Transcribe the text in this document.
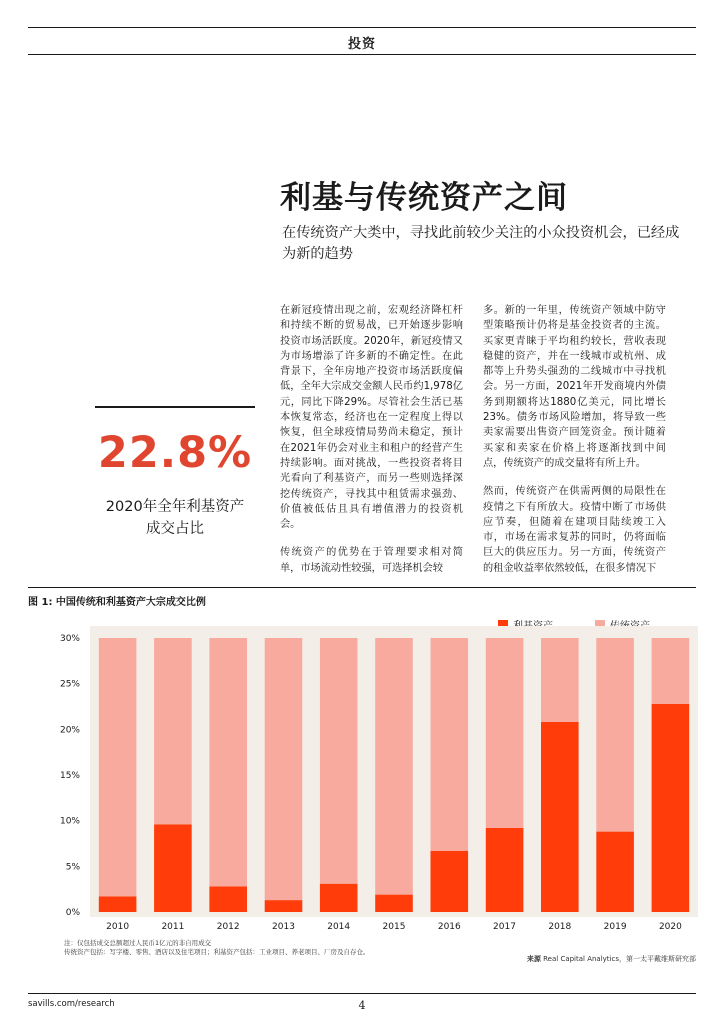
投资
利基与传统资产之间
在传统资产大类中，寻找此前较少关注的小众投资机会，已经成为新的趋势

在新冠疫情出现之前，宏观经济降杠杆和持续不断的贸易战，已开始逐步影响投资市场活跃度。2020年，新冠疫情又为市场增添了许多新的不确定性。在此背景下，全年房地产投资市场活跃度偏低，全年大宗成交金额人民币约1,978亿元，同比下降29%。尽管社会生活已基本恢复常态，经济也在一定程度上得以恢复，但全球疫情局势尚未稳定，预计在2021年仍会对业主和租户的经营产生持续影响。面对挑战，一些投资者将目光看向了利基资产，而另一些则选择深挖传统资产，寻找其中租赁需求强劲、价值被低估且具有增值潜力的投资机会。

传统资产的优势在于管理要求相对简单，市场流动性较强，可选择机会较

多。新的一年里，传统资产领域中防守型策略预计仍将是基金投资者的主流。买家更青睐于平均租约较长，营收表现稳健的资产，并在一线城市或杭州、成都等上升势头强劲的二线城市中寻找机会。另一方面，2021年开发商境内外债务到期额将达1880亿美元，同比增长23%。债务市场风险增加，将导致一些卖家需要出售资产回笼资金。预计随着买家和卖家在价格上将逐渐找到中间点，传统资产的成交量将有所上升。

然而，传统资产在供需两侧的局限性在疫情之下有所放大。疫情中断了市场供应节奏，但随着在建项目陆续竣工入市，市场在需求复苏的同时，仍将面临巨大的供应压力。另一方面，传统资产的租金收益率依然较低，在很多情况下

22.8%
2020年全年利基资产成交占比
图 1: 中国传统和利基资产大宗成交比例
0%
5%
10%
15%
20%
25%
30%
2010	2011	2012	2013	2014	2015	2016	2017	2018	2019	2020
注：仅包括成交总额超过人民币1亿元的非自用成交
传统资产包括：写字楼、零售、酒店以及住宅项目；利基资产包括：工业项目、养老项目、厂房及自存仓。
来源 Real Capital Analytics，第一太平戴维斯研究部
savills.com/research	4
